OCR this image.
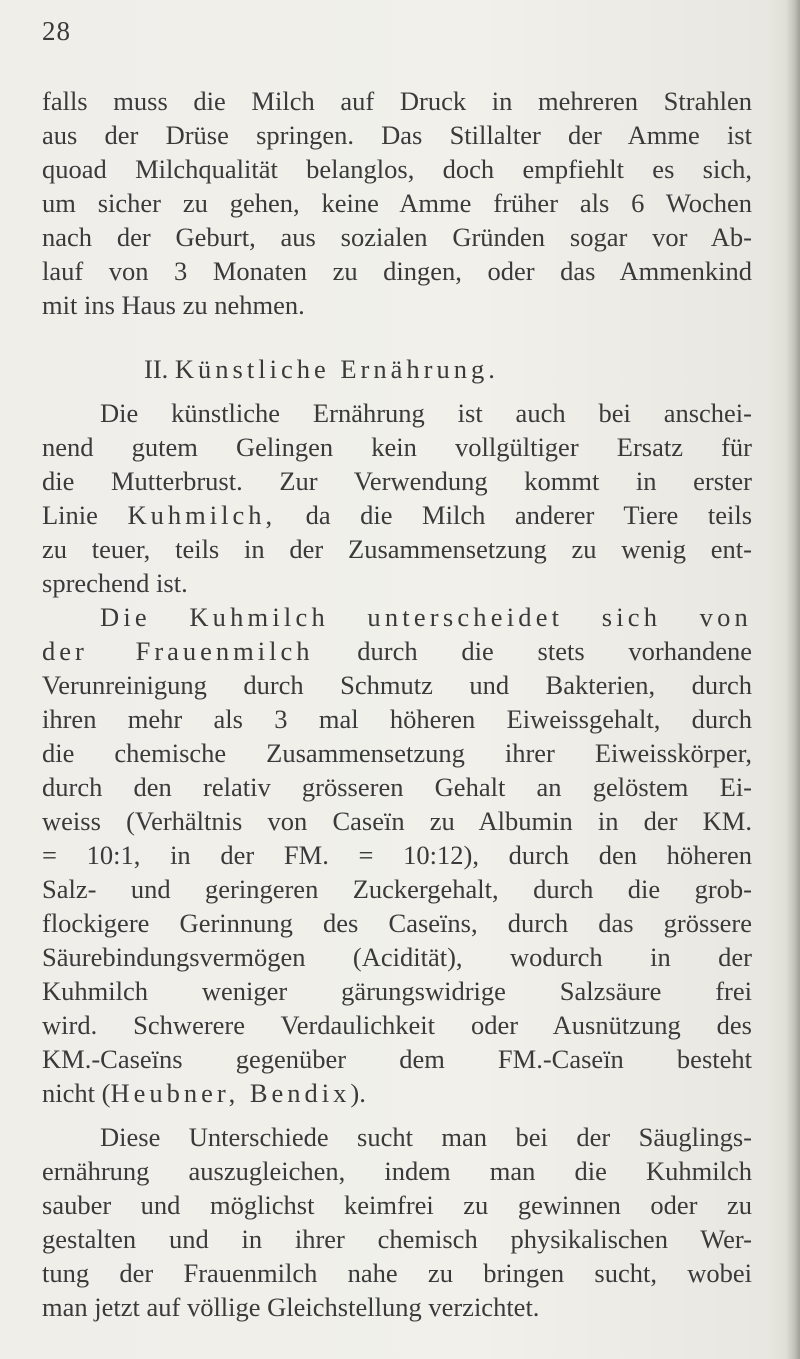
28
falls muss die Milch auf Druck in mehreren Strahlen
aus der Drüse springen. Das Stillalter der Amme ist
quoad Milchqualität belanglos, doch empfiehlt es sich,
um sicher zu gehen, keine Amme früher als 6 Wochen
nach der Geburt, aus sozialen Gründen sogar vor Ab-
lauf von 3 Monaten zu dingen, oder das Ammenkind
mit ins Haus zu nehmen.
II. Künstliche Ernährung.
Die künstliche Ernährung ist auch bei anschei-
nend gutem Gelingen kein vollgültiger Ersatz für
die Mutterbrust. Zur Verwendung kommt in erster
Linie Kuhmilch, da die Milch anderer Tiere teils
zu teuer, teils in der Zusammensetzung zu wenig ent-
sprechend ist.
Die Kuhmilch unterscheidet sich von
der Frauenmilch durch die stets vorhandene
Verunreinigung durch Schmutz und Bakterien, durch
ihren mehr als 3 mal höheren Eiweissgehalt, durch
die chemische Zusammensetzung ihrer Eiweisskörper,
durch den relativ grösseren Gehalt an gelöstem Ei-
weiss (Verhältnis von Caseïn zu Albumin in der KM.
= 10:1, in der FM. = 10:12), durch den höheren
Salz- und geringeren Zuckergehalt, durch die grob-
flockigere Gerinnung des Caseïns, durch das grössere
Säurebindungsvermögen (Acidität), wodurch in der
Kuhmilch weniger gärungswidrige Salzsäure frei
wird. Schwerere Verdaulichkeit oder Ausnützung des
KM.-Caseïns gegenüber dem FM.-Caseïn besteht
nicht (Heubner, Bendix).
Diese Unterschiede sucht man bei der Säuglings-
ernährung auszugleichen, indem man die Kuhmilch
sauber und möglichst keimfrei zu gewinnen oder zu
gestalten und in ihrer chemisch physikalischen Wer-
tung der Frauenmilch nahe zu bringen sucht, wobei
man jetzt auf völlige Gleichstellung verzichtet.
